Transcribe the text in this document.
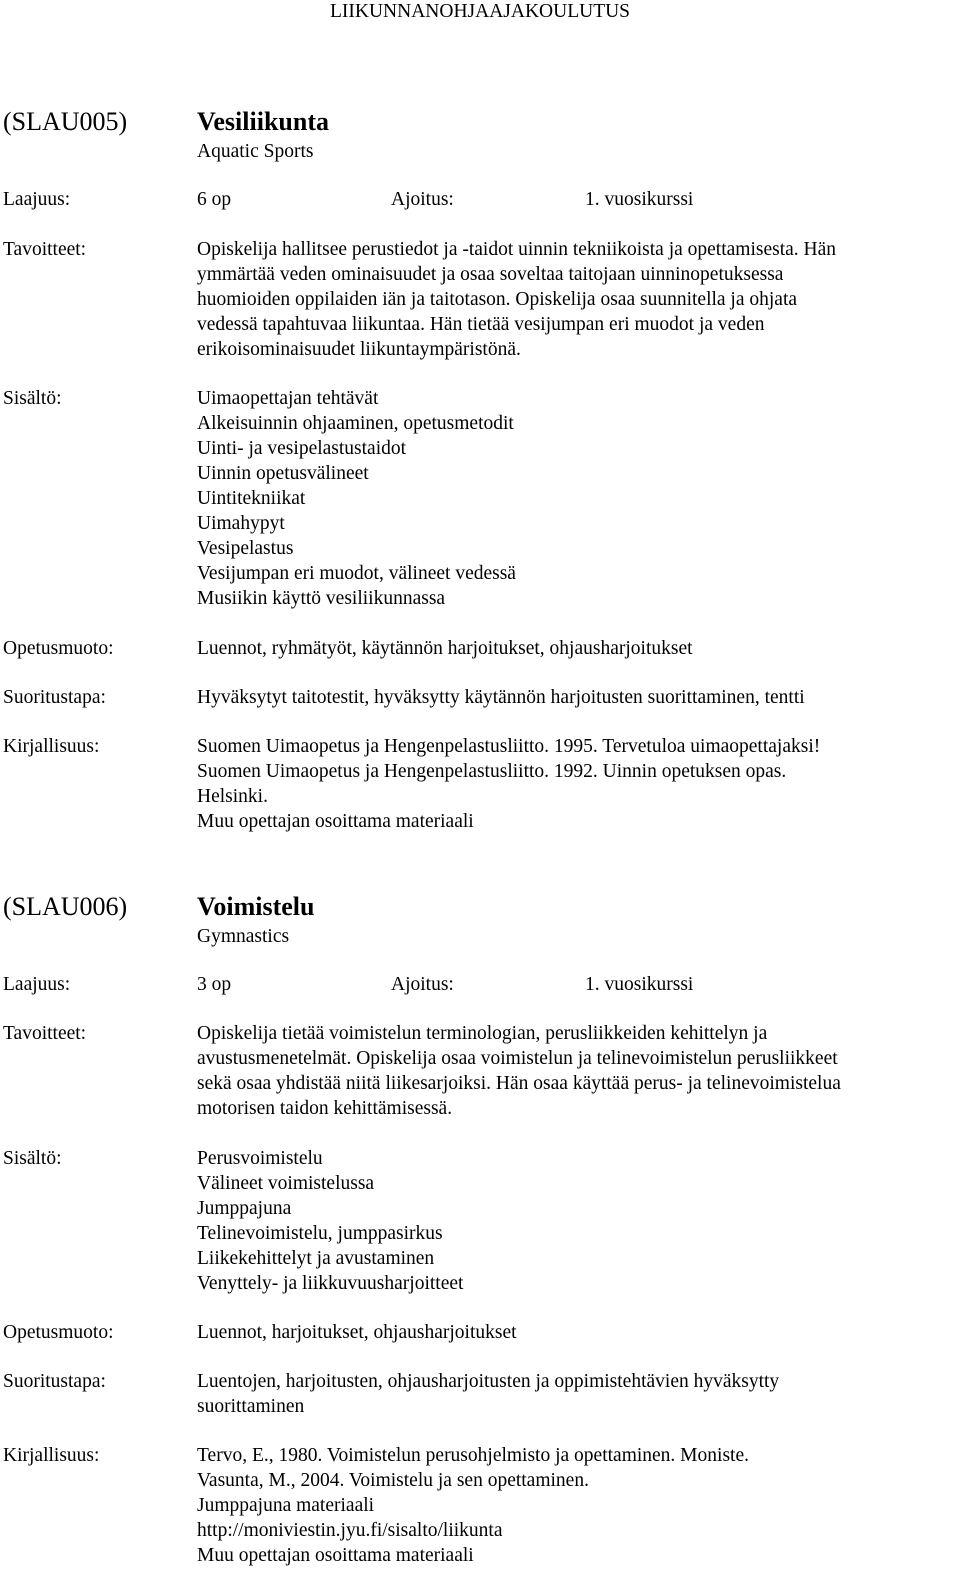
LIIKUNNANOHJAAJAKOULUTUS
(SLAU005)	Vesiliikunta
Aquatic Sports
Laajuus:	6 op	Ajoitus:	1. vuosikurssi
Tavoitteet:	Opiskelija hallitsee perustiedot ja -taidot uinnin tekniikoista ja opettamisesta. Hän
ymmärtää veden ominaisuudet ja osaa soveltaa taitojaan uinninopetuksessa
huomioiden oppilaiden iän ja taitotason. Opiskelija osaa suunnitella ja ohjata
vedessä tapahtuvaa liikuntaa. Hän tietää vesijumpan eri muodot ja veden
erikoisominaisuudet liikuntaympäristönä.
Sisältö:	Uimaopettajan tehtävät
Alkeisuinnin ohjaaminen, opetusmetodit
Uinti- ja vesipelastustaidot
Uinnin opetusvälineet
Uintitekniikat
Uimahypyt
Vesipelastus
Vesijumpan eri muodot, välineet vedessä
Musiikin käyttö vesiliikunnassa
Opetusmuoto:	Luennot, ryhmätyöt, käytännön harjoitukset, ohjausharjoitukset
Suoritustapa:	Hyväksytyt taitotestit, hyväksytty käytännön harjoitusten suorittaminen, tentti
Kirjallisuus:	Suomen Uimaopetus ja Hengenpelastusliitto. 1995. Tervetuloa uimaopettajaksi!
Suomen Uimaopetus ja Hengenpelastusliitto. 1992. Uinnin opetuksen opas.
Helsinki.
Muu opettajan osoittama materiaali
(SLAU006)	Voimistelu
Gymnastics
Laajuus:	3 op	Ajoitus:	1. vuosikurssi
Tavoitteet:	Opiskelija tietää voimistelun terminologian, perusliikkeiden kehittelyn ja
avustusmenetelmät. Opiskelija osaa voimistelun ja telinevoimistelun perusliikkeet
sekä osaa yhdistää niitä liikesarjoiksi. Hän osaa käyttää perus- ja telinevoimistelua
motorisen taidon kehittämisessä.
Sisältö:	Perusvoimistelu
Välineet voimistelussa
Jumppajuna
Telinevoimistelu, jumppasirkus
Liikekehittelyt ja avustaminen
Venyttely- ja liikkuvuusharjoitteet
Opetusmuoto:	Luennot, harjoitukset, ohjausharjoitukset
Suoritustapa:	Luentojen, harjoitusten, ohjausharjoitusten ja oppimistehtävien hyväksytty
suorittaminen
Kirjallisuus:	Tervo, E., 1980. Voimistelun perusohjelmisto ja opettaminen. Moniste.
Vasunta, M., 2004. Voimistelu ja sen opettaminen.
Jumppajuna materiaali
http://moniviestin.jyu.fi/sisalto/liikunta
Muu opettajan osoittama materiaali
